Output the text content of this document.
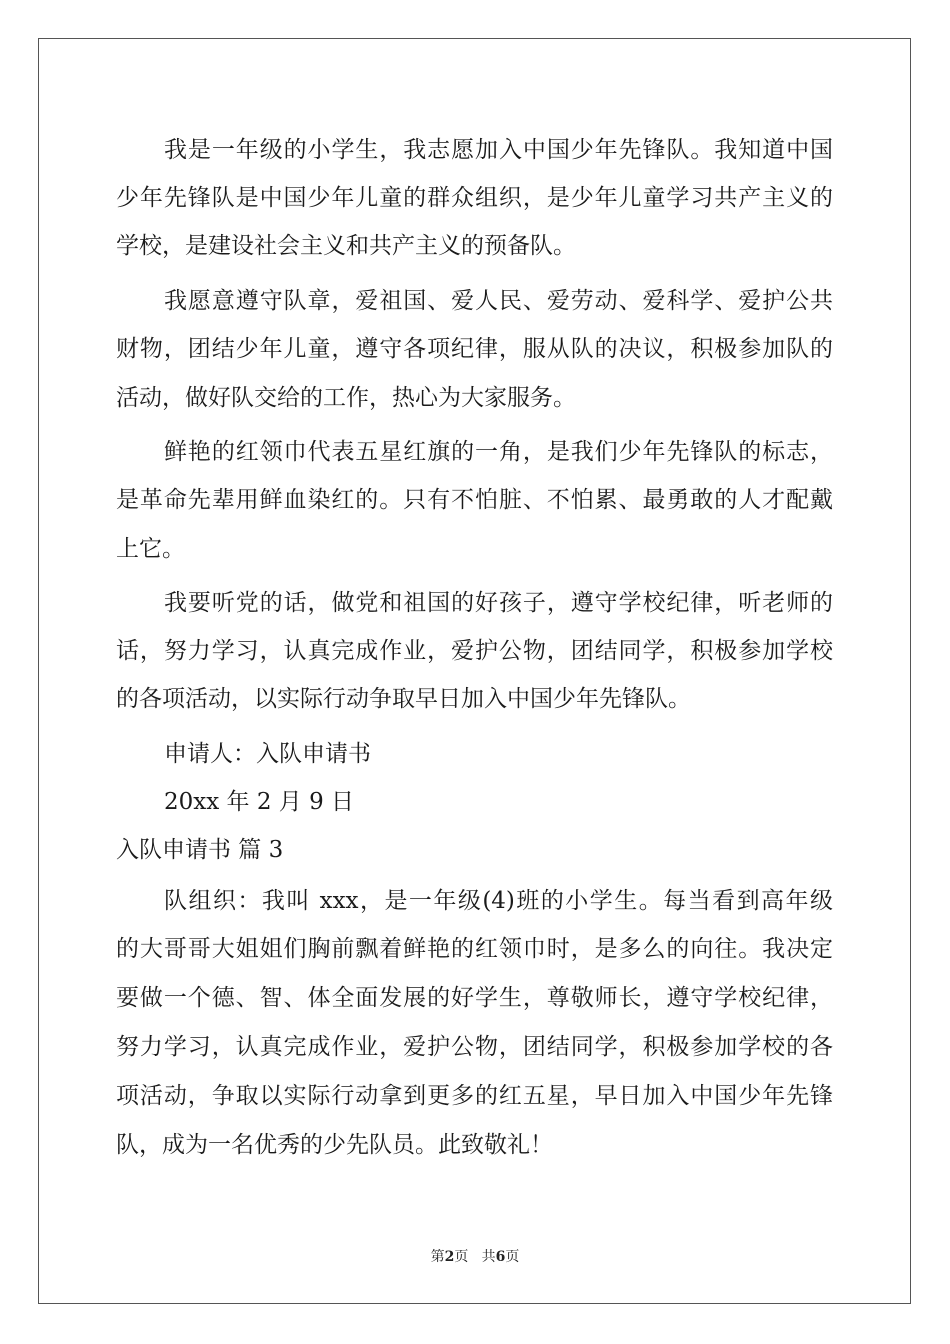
我是一年级的小学生，我志愿加入中国少年先锋队。我知道中国
少年先锋队是中国少年儿童的群众组织，是少年儿童学习共产主义的
学校，是建设社会主义和共产主义的预备队。
我愿意遵守队章，爱祖国、爱人民、爱劳动、爱科学、爱护公共
财物，团结少年儿童，遵守各项纪律，服从队的决议，积极参加队的
活动，做好队交给的工作，热心为大家服务。
鲜艳的红领巾代表五星红旗的一角，是我们少年先锋队的标志，
是革命先辈用鲜血染红的。只有不怕脏、不怕累、最勇敢的人才配戴
上它。
我要听党的话，做党和祖国的好孩子，遵守学校纪律，听老师的
话，努力学习，认真完成作业，爱护公物，团结同学，积极参加学校
的各项活动，以实际行动争取早日加入中国少年先锋队。
申请人：入队申请书
20xx 年 2 月 9 日
入队申请书 篇 3
队组织：我叫 xxx，是一年级(4)班的小学生。每当看到高年级
的大哥哥大姐姐们胸前飘着鲜艳的红领巾时，是多么的向往。我决定
要做一个德、智、体全面发展的好学生，尊敬师长，遵守学校纪律，
努力学习，认真完成作业，爱护公物，团结同学，积极参加学校的各
项活动，争取以实际行动拿到更多的红五星，早日加入中国少年先锋
队，成为一名优秀的少先队员。此致敬礼！
第2页 共6页
